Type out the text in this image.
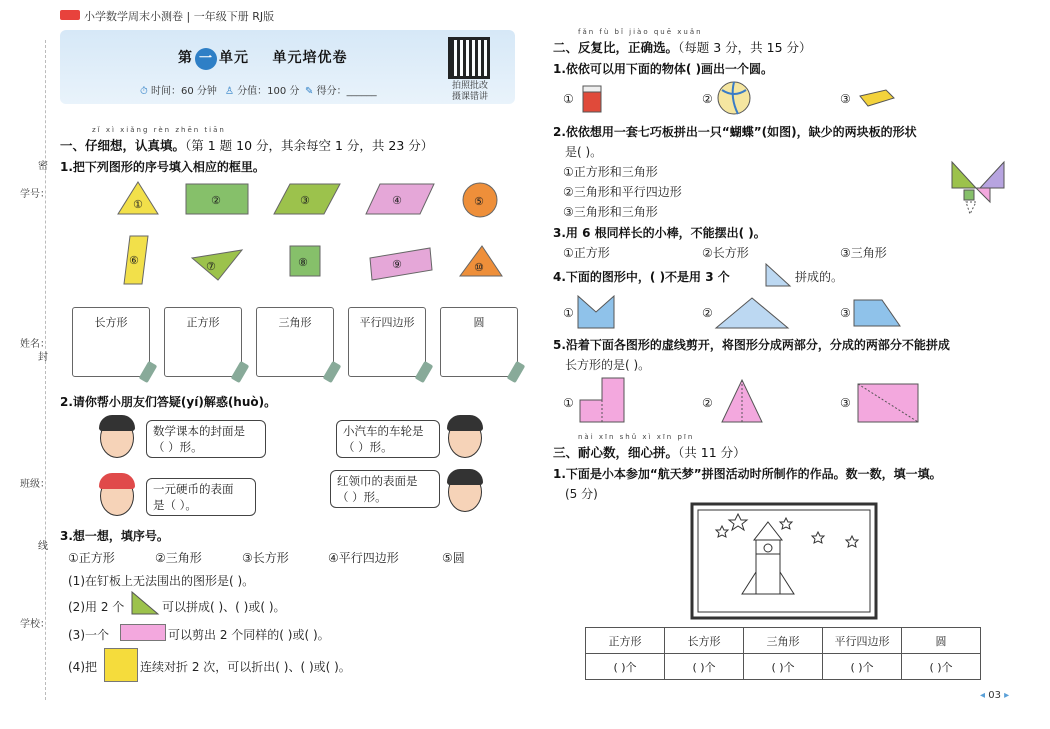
小学数学周末小测卷 | 一年级下册 RJ版
第 一 单元 单元培优卷
⏱ 时间：60 分钟 ♙ 分值：100 分 ✎ 得分：______	拍照批改 摄课错讲
学号：
姓名：
班级：
学校：
密
封
线
zǐ xì xiǎng rèn zhēn tiān
一、仔细想，认真填。（第 1 题 10 分，其余每空 1 分，共 23 分）
1.把下列图形的序号填入相应的框里。
①	②	③	④	⑤
⑥	⑦	⑧	⑨	⑩
长方形	正方形	三角形	平行四边形	圆
2.请你帮小朋友们答疑(yí)解惑(huò)。
数学课本的封面是
（ ）形。
小汽车的车轮是
（ ）形。
一元硬币的表面
是（ ）。
红领巾的表面是
（ ）形。
3.想一想，填序号。
①正方形	②三角形	③长方形	④平行四边形	⑤圆
(1)在钉板上无法围出的图形是( )。
(2)用 2 个	可以拼成( )、( )或( )。
(3)一个	可以剪出 2 个同样的( )或( )。
(4)把	连续对折 2 次，可以折出( )、( )或( )。
fǎn fù bǐ jiào quē xuǎn
二、反复比，正确选。（每题 3 分，共 15 分）
1.依依可以用下面的物体( )画出一个圆。
①	②	③
2.依依想用一套七巧板拼出一只“蝴蝶”(如图)，缺少的两块板的形状
是( )。
①正方形和三角形
②三角形和平行四边形
③三角形和三角形
3.用 6 根同样长的小棒，不能摆出( )。
①正方形	②长方形	③三角形
4.下面的图形中，( )不是用 3 个	拼成的。
①	②	③
5.沿着下面各图形的虚线剪开，将图形分成两部分，分成的两部分不能拼成
长方形的是( )。
①	②	③
nài xīn shǔ xì xīn pīn
三、耐心数，细心拼。（共 11 分）
1.下面是小本参加“航天梦”拼图活动时所制作的作品。数一数，填一填。
(5 分)
正方形	长方形	三角形	平行四边形	圆
( )个	( )个	( )个	( )个	( )个
◂ 03 ▸
